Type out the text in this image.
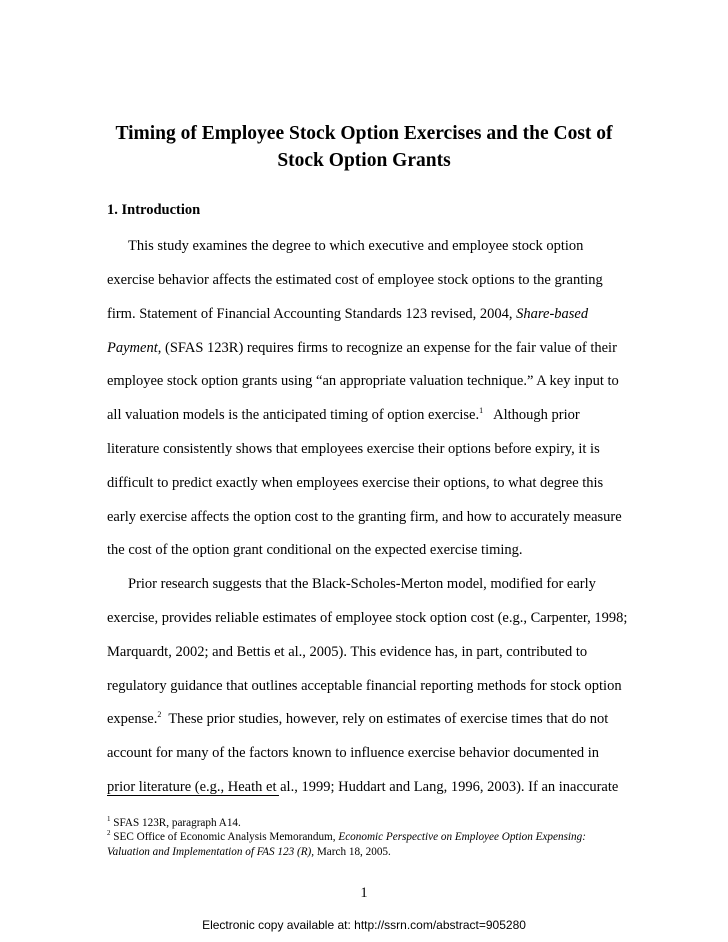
Timing of Employee Stock Option Exercises and the Cost of

Stock Option Grants

1. Introduction

This study examines the degree to which executive and employee stock option

exercise behavior affects the estimated cost of employee stock options to the granting

firm. Statement of Financial Accounting Standards 123 revised, 2004, Share-based

Payment, (SFAS 123R) requires firms to recognize an expense for the fair value of their

employee stock option grants using “an appropriate valuation technique.” A key input to

all valuation models is the anticipated timing of option exercise.$^1$   Although prior

literature consistently shows that employees exercise their options before expiry, it is

difficult to predict exactly when employees exercise their options, to what degree this

early exercise affects the option cost to the granting firm, and how to accurately measure

the cost of the option grant conditional on the expected exercise timing.

Prior research suggests that the Black-Scholes-Merton model, modified for early

exercise, provides reliable estimates of employee stock option cost (e.g., Carpenter, 1998;

Marquardt, 2002; and Bettis et al., 2005). This evidence has, in part, contributed to

regulatory guidance that outlines acceptable financial reporting methods for stock option

expense.$^2$  These prior studies, however, rely on estimates of exercise times that do not

account for many of the factors known to influence exercise behavior documented in

prior literature (e.g., Heath et al., 1999; Huddart and Lang, 1996, 2003). If an inaccurate

$^1$ SFAS 123R, paragraph A14.

$^2$ SEC Office of Economic Analysis Memorandum, Economic Perspective on Employee Option Expensing:

Valuation and Implementation of FAS 123 (R), March 18, 2005.

1

Electronic copy available at: http://ssrn.com/abstract=905280
